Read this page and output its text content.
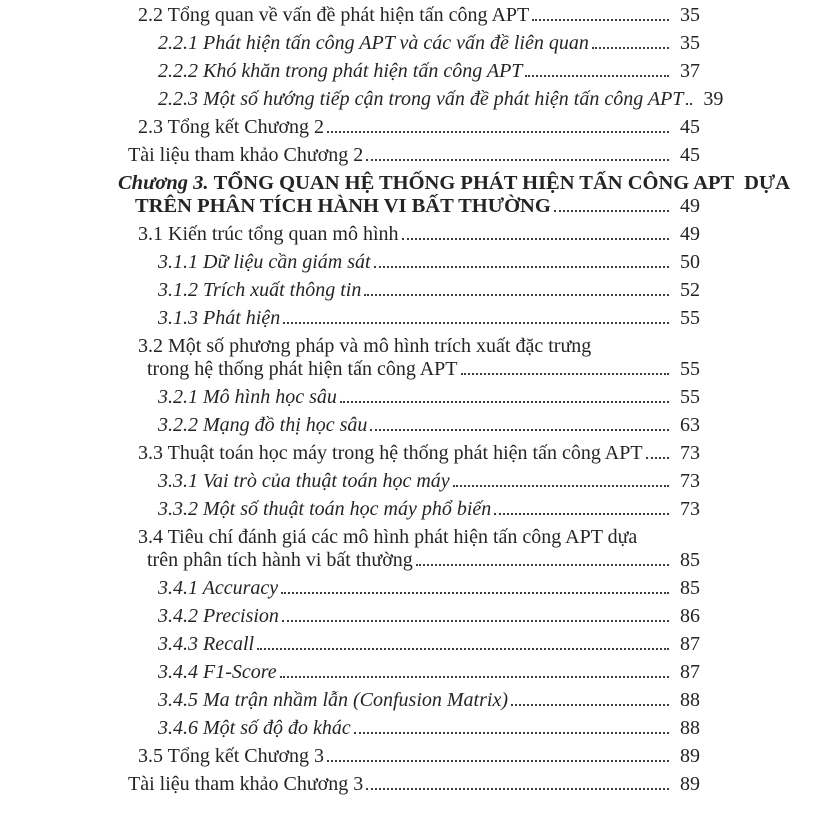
2.2 Tổng quan về vấn đề phát hiện tấn công APT	35
2.2.1 Phát hiện tấn công APT và các vấn đề liên quan	35
2.2.2 Khó khăn trong phát hiện tấn công APT	37
2.2.3 Một số hướng tiếp cận trong vấn đề phát hiện tấn công APT	39
2.3 Tổng kết Chương 2	45
Tài liệu tham khảo Chương 2	45
Chương 3. TỔNG QUAN HỆ THỐNG PHÁT HIỆN TẤN CÔNG APT  DỰA
TRÊN PHÂN TÍCH HÀNH VI BẤT THƯỜNG	49
3.1 Kiến trúc tổng quan mô hình	49
3.1.1 Dữ liệu cần giám sát	50
3.1.2 Trích xuất thông tin	52
3.1.3 Phát hiện	55
3.2 Một số phương pháp và mô hình trích xuất đặc trưng
trong hệ thống phát hiện tấn công APT	55
3.2.1 Mô hình học sâu	55
3.2.2 Mạng đồ thị học sâu	63
3.3 Thuật toán học máy trong hệ thống phát hiện tấn công APT	73
3.3.1 Vai trò của thuật toán học máy	73
3.3.2 Một số thuật toán học máy phổ biến	73
3.4 Tiêu chí đánh giá các mô hình phát hiện tấn công APT dựa
trên phân tích hành vi bất thường	85
3.4.1 Accuracy	85
3.4.2 Precision	86
3.4.3 Recall	87
3.4.4 F1-Score	87
3.4.5 Ma trận nhầm lẫn (Confusion Matrix)	88
3.4.6 Một số độ đo khác	88
3.5 Tổng kết Chương 3	89
Tài liệu tham khảo Chương 3	89
